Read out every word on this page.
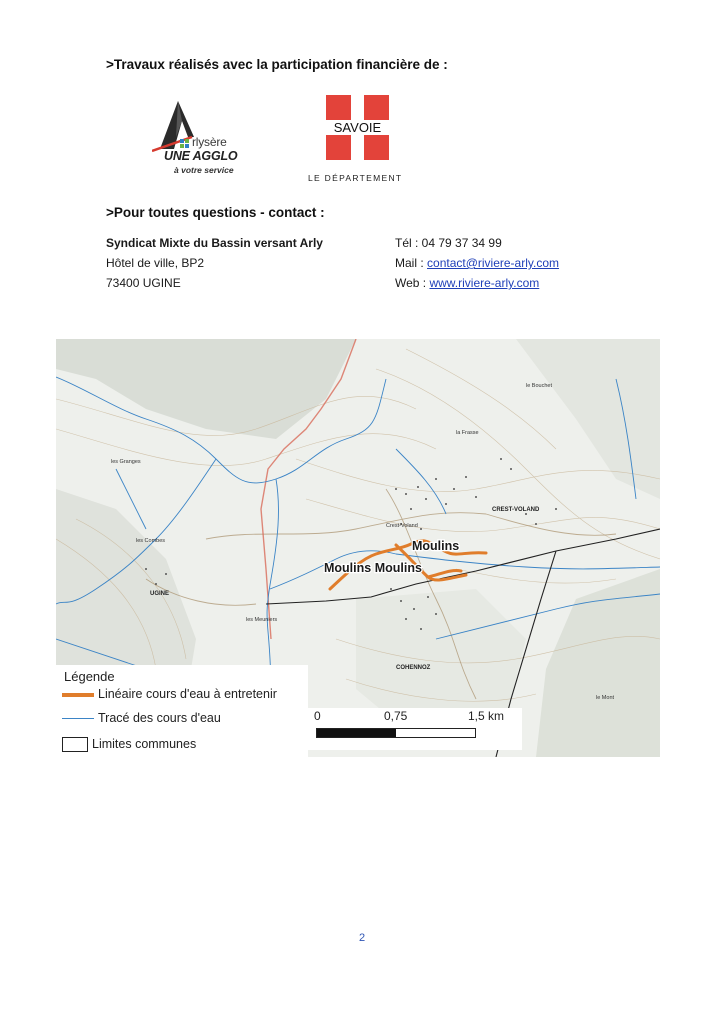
>Travaux réalisés avec la participation financière de :
rlysère
UNE AGGLO
à votre service
SAVOIE
LE DÉPARTEMENT
>Pour toutes questions - contact :
Syndicat Mixte du Bassin versant Arly
Hôtel de ville, BP2
73400 UGINE
Tél : 04 79 37 34 99
Mail : contact@riviere-arly.com
Web : www.riviere-arly.com
UGINE
CREST-VOLAND
COHENNOZ
Crest-Voland
les Granges
les Combes
le Bouchet
la Frasse
les Meuniers
le Mont
Moulins
Moulins Moulins
Légende
Linéaire cours d'eau à entretenir
Tracé des cours d'eau
Limites communes
0	0,75	1,5 km
2
